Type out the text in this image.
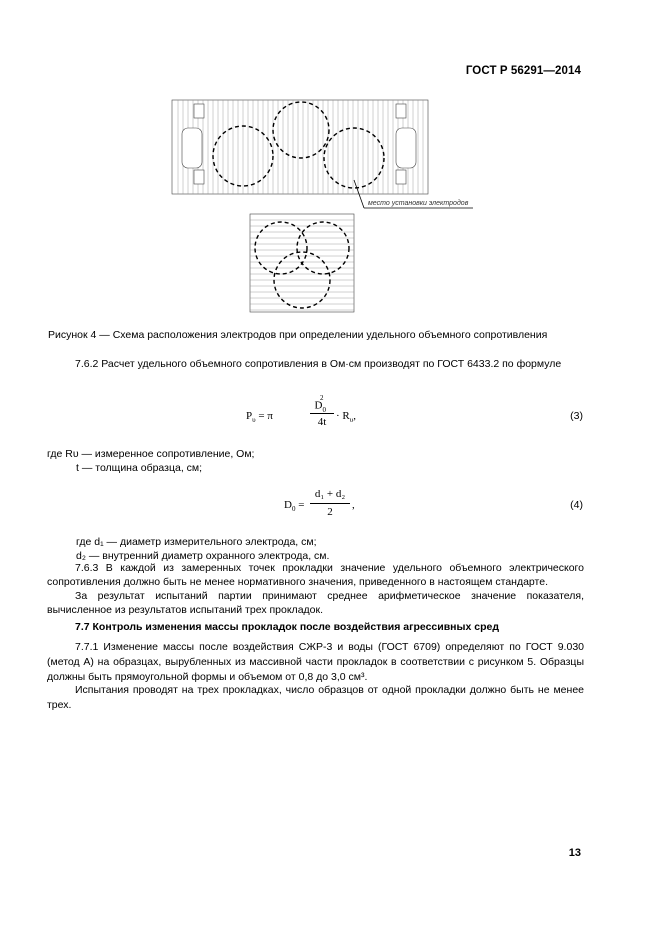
ГОСТ Р 56291—2014
место установки электродов
Рисунок 4 — Схема расположения электродов при определении удельного объемного сопротивления
7.6.2 Расчет удельного объемного сопротивления в Ом·см производят по ГОСТ 6433.2 по формуле
$P_\upsilon = \pi$
$D_0^2$
$4t \cdot R_\upsilon$,	(3)
где Rυ — измеренное сопротивление, Ом;
t — толщина образца, см;
$D_0$ =
d₁ + d₂
2
,	(4)
где d₁ — диаметр измерительного электрода, см;
d₂ — внутренний диаметр охранного электрода, см.
7.6.3 В каждой из замеренных точек прокладки значение удельного объемного электрического сопротивления должно быть не менее нормативного значения, приведенного в настоящем стандарте.
За результат испытаний партии принимают среднее арифметическое значение показателя, вычисленное из результатов испытаний трех прокладок.
7.7 Контроль изменения массы прокладок после воздействия агрессивных сред
7.7.1 Изменение массы после воздействия СЖР-3 и воды (ГОСТ 6709) определяют по ГОСТ 9.030 (метод А) на образцах, вырубленных из массивной части прокладок в соответствии с рисунком 5. Образцы должны быть прямоугольной формы и объемом от 0,8 до 3,0 см³.
Испытания проводят на трех прокладках, число образцов от одной прокладки должно быть не менее трех.
13
